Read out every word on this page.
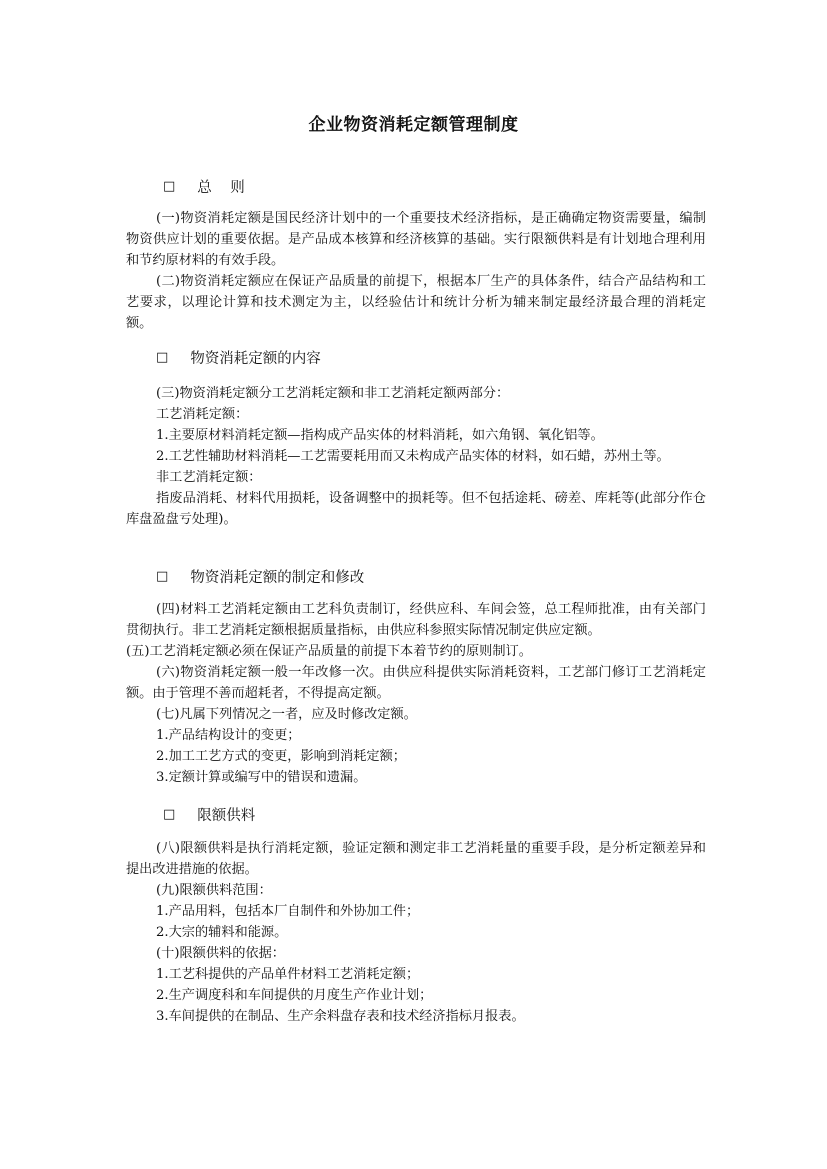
企业物资消耗定额管理制度
□ 总    则

(一)物资消耗定额是国民经济计划中的一个重要技术经济指标，是正确确定物资需要量，编制物资供应计划的重要依据。是产品成本核算和经济核算的基础。实行限额供料是有计划地合理利用和节约原材料的有效手段。

(二)物资消耗定额应在保证产品质量的前提下，根据本厂生产的具体条件，结合产品结构和工艺要求，以理论计算和技术测定为主，以经验估计和统计分析为辅来制定最经济最合理的消耗定额。

□ 物资消耗定额的内容

(三)物资消耗定额分工艺消耗定额和非工艺消耗定额两部分：

工艺消耗定额：

1.主要原材料消耗定额—指构成产品实体的材料消耗，如六角钢、氧化铝等。

2.工艺性辅助材料消耗—工艺需要耗用而又未构成产品实体的材料，如石蜡，苏州土等。

非工艺消耗定额：

指废品消耗、材料代用损耗，设备调整中的损耗等。但不包括途耗、磅差、库耗等(此部分作仓库盘盈盘亏处理)。

□ 物资消耗定额的制定和修改

(四)材料工艺消耗定额由工艺科负责制订，经供应科、车间会签，总工程师批准，由有关部门贯彻执行。非工艺消耗定额根据质量指标，由供应科参照实际情况制定供应定额。

(五)工艺消耗定额必须在保证产品质量的前提下本着节约的原则制订。

(六)物资消耗定额一般一年改修一次。由供应科提供实际消耗资料，工艺部门修订工艺消耗定额。由于管理不善而超耗者，不得提高定额。

(七)凡属下列情况之一者，应及时修改定额。

1.产品结构设计的变更；

2.加工工艺方式的变更，影响到消耗定额；

3.定额计算或编写中的错误和遗漏。

□ 限额供料

(八)限额供料是执行消耗定额，验证定额和测定非工艺消耗量的重要手段，是分析定额差异和提出改进措施的依据。

(九)限额供料范围：

1.产品用料，包括本厂自制件和外协加工件；

2.大宗的辅料和能源。

(十)限额供料的依据：

1.工艺科提供的产品单件材料工艺消耗定额；

2.生产调度科和车间提供的月度生产作业计划；

3.车间提供的在制品、生产余料盘存表和技术经济指标月报表。
